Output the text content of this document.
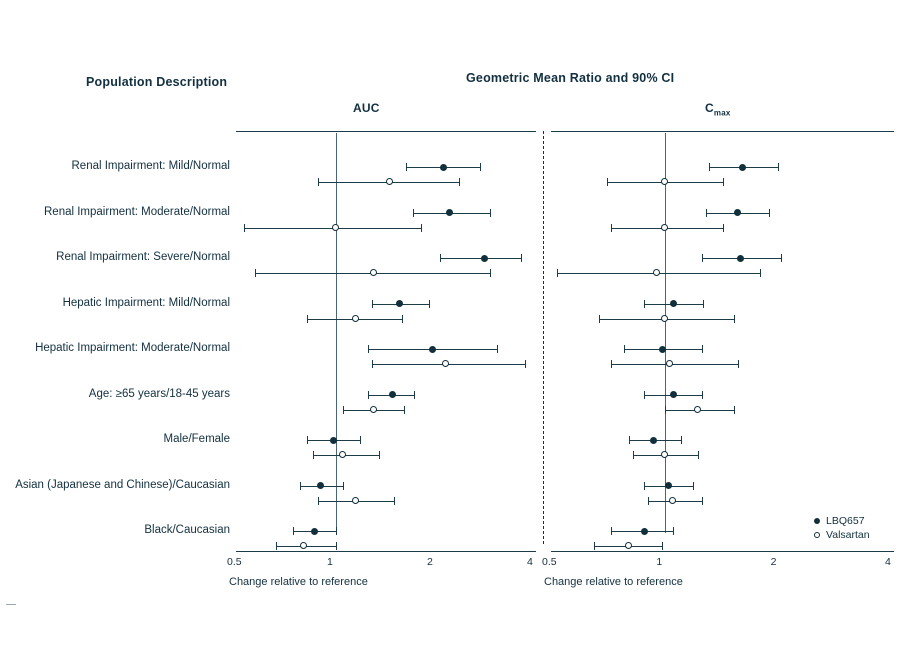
Population Description	Geometric Mean Ratio and 90% CI
AUC	$C_{max}$
Renal Impairment: Mild/Normal
Renal Impairment: Moderate/Normal
Renal Impairment: Severe/Normal
Hepatic Impairment: Mild/Normal
Hepatic Impairment: Moderate/Normal
Age: ≥65 years/18-45 years
Male/Female
Asian (Japanese and Chinese)/Caucasian
Black/Caucasian
0.5	1	2	4
Change relative to reference
0.5	1	2	4
Change relative to reference
LBQ657
Valsartan
